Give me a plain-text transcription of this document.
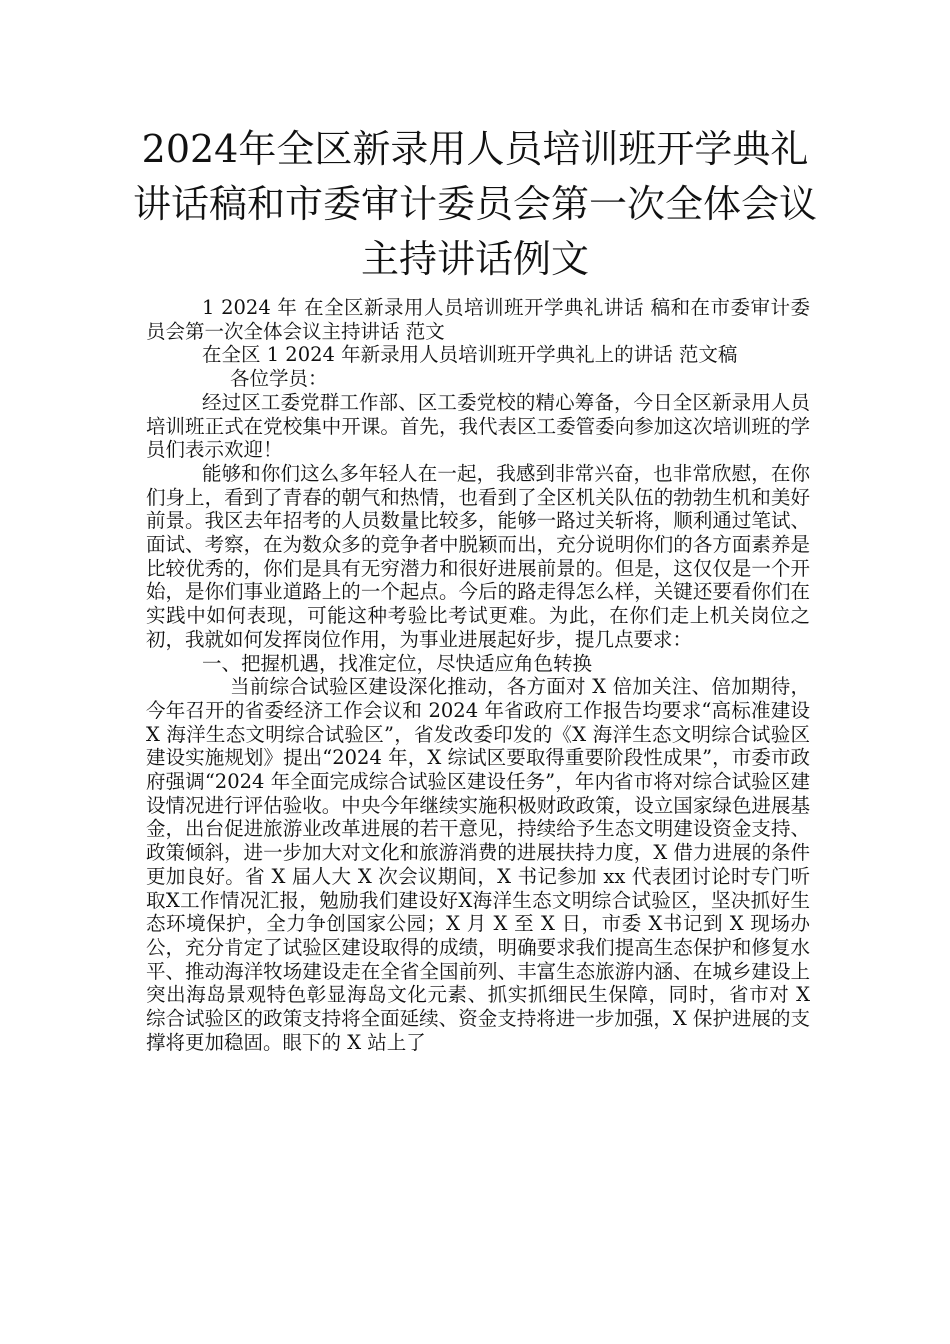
2024年全区新录用人员培训班开学典礼讲话稿和市委审计委员会第一次全体会议主持讲话例文

1 2024 年 在全区新录用人员培训班开学典礼讲话 稿和在市委审计委员会第一次全体会议主持讲话 范文

在全区 1 2024 年新录用人员培训班开学典礼上的讲话 范文稿

各位学员：

经过区工委党群工作部、区工委党校的精心筹备，今日全区新录用人员培训班正式在党校集中开课。首先，我代表区工委管委向参加这次培训班的学员们表示欢迎！

能够和你们这么多年轻人在一起，我感到非常兴奋，也非常欣慰，在你们身上，看到了青春的朝气和热情，也看到了全区机关队伍的勃勃生机和美好前景。我区去年招考的人员数量比较多，能够一路过关斩将，顺利通过笔试、面试、考察，在为数众多的竞争者中脱颖而出，充分说明你们的各方面素养是比较优秀的，你们是具有无穷潜力和很好进展前景的。但是，这仅仅是一个开始，是你们事业道路上的一个起点。今后的路走得怎么样，关键还要看你们在实践中如何表现，可能这种考验比考试更难。为此，在你们走上机关岗位之初，我就如何发挥岗位作用，为事业进展起好步，提几点要求：

一、把握机遇，找准定位，尽快适应角色转换

当前综合试验区建设深化推动，各方面对 X 倍加关注、倍加期待， 今年召开的省委经济工作会议和 2024 年省政府工作报告均要求“高标准建设 X 海洋生态文明综合试验区”，省发改委印发的《X 海洋生态文明综合试验区建设实施规划》提出“2024 年，X 综试区要取得重要阶段性成果”，市委市政府强调“2024 年全面完成综合试验区建设任务”，年内省市将对综合试验区建设情况进行评估验收。中央今年继续实施积极财政政策，设立国家绿色进展基金，出台促进旅游业改革进展的若干意见，持续给予生态文明建设资金支持、政策倾斜，进一步加大对文化和旅游消费的进展扶持力度，X 借力进展的条件更加良好。省 X 届人大 X 次会议期间，X 书记参加 xx 代表团讨论时专门听取X工作情况汇报，勉励我们建设好X海洋生态文明综合试验区，坚决抓好生态环境保护，全力争创国家公园；X 月 X 至 X 日，市委 X书记到 X 现场办公，充分肯定了试验区建设取得的成绩，明确要求我们提高生态保护和修复水平、推动海洋牧场建设走在全省全国前列、丰富生态旅游内涵、在城乡建设上突出海岛景观特色彰显海岛文化元素、抓实抓细民生保障，同时，省市对 X 综合试验区的政策支持将全面延续、资金支持将进一步加强，X 保护进展的支撑将更加稳固。眼下的 X 站上了
